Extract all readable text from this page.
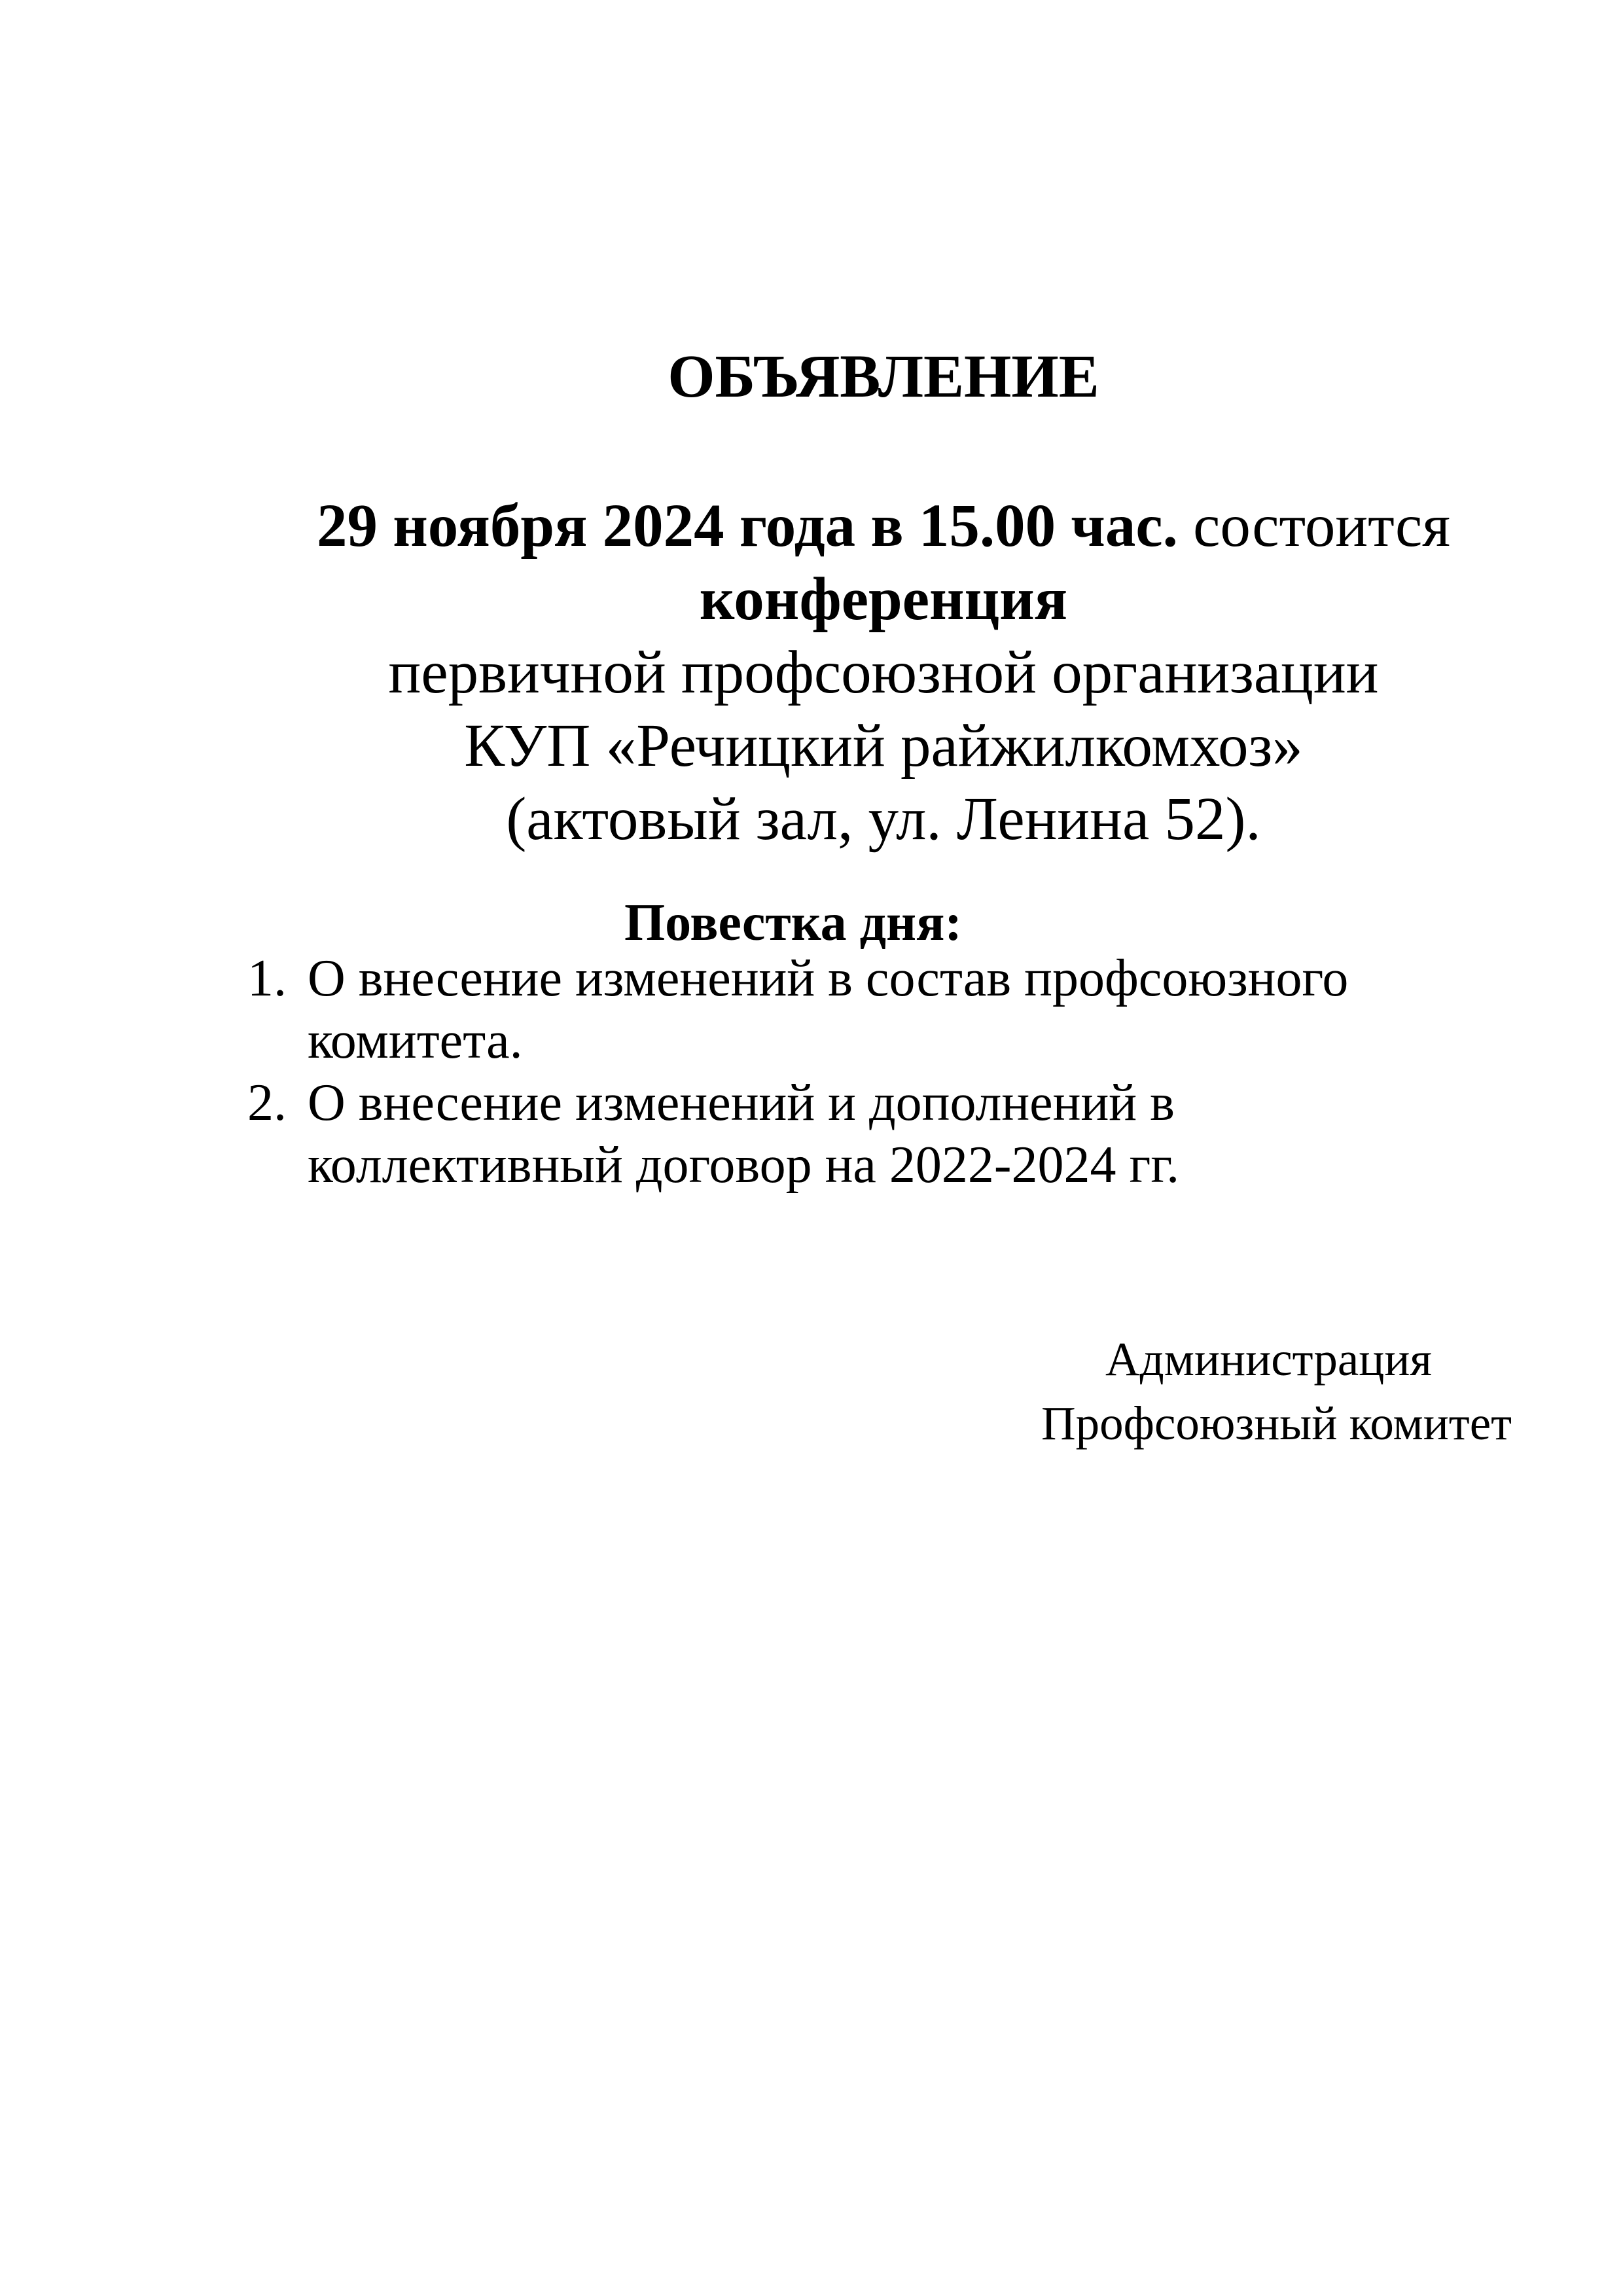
ОБЪЯВЛЕНИЕ
29 ноября 2024 года в 15.00 час. состоится
конференция
первичной профсоюзной организации
КУП «Речицкий райжилкомхоз»
(актовый зал, ул. Ленина 52).
Повестка дня:
1. О внесение изменений в состав профсоюзного
комитета.
2. О внесение изменений и дополнений в
коллективный договор на 2022-2024 гг.
Администрация
Профсоюзный комитет
